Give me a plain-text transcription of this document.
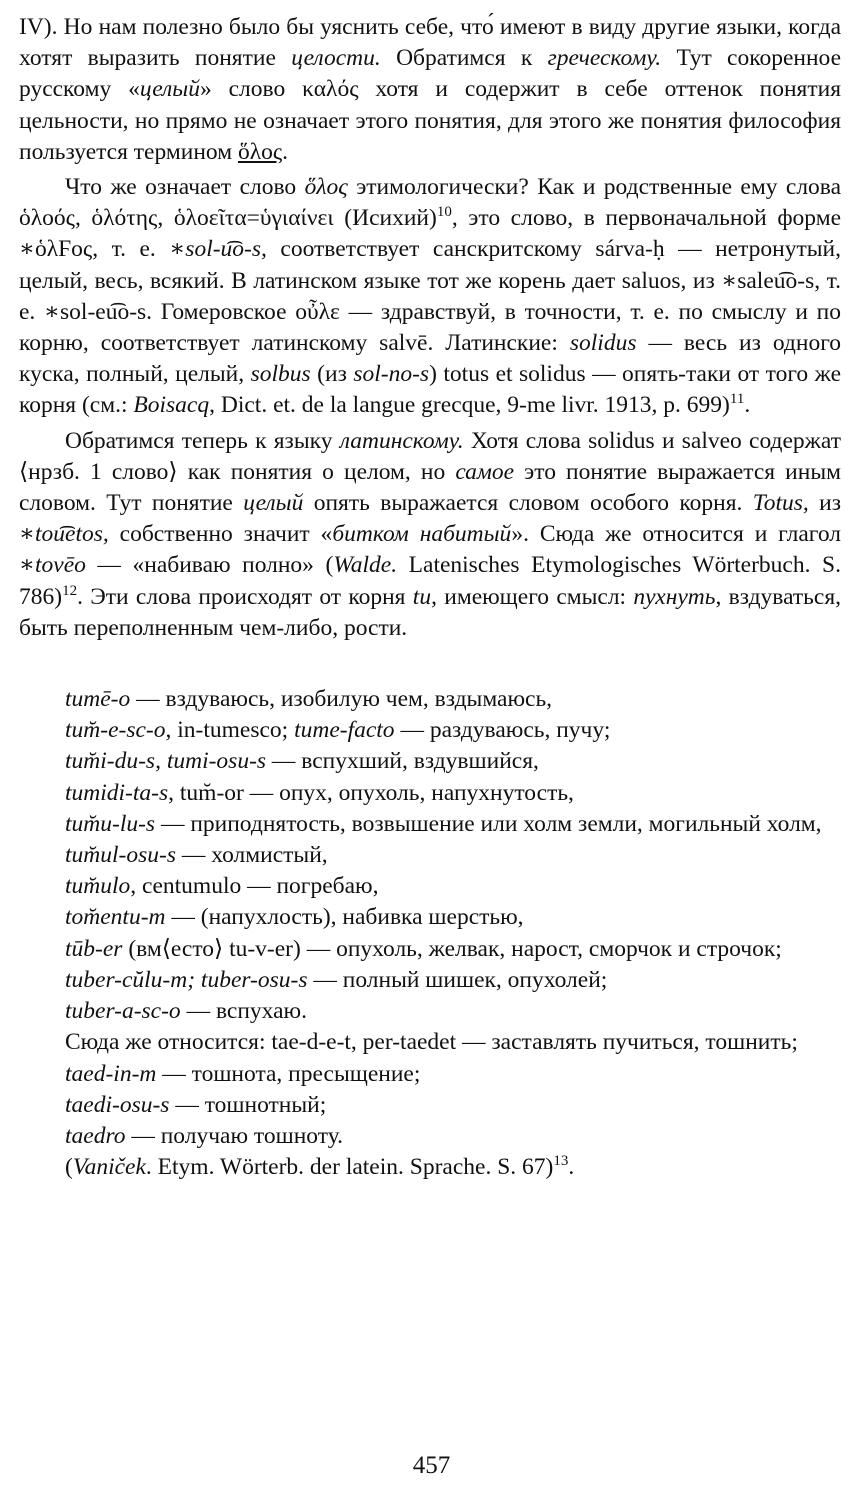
IV). Но нам полезно было бы уяснить себе, что́ имеют в виду другие языки, когда хотят выразить понятие целости. Обратимся к греческому. Тут сокоренное русскому «целый» слово καλός хотя и содержит в себе оттенок понятия цельности, но прямо не означает этого понятия, для этого же понятия философия пользуется термином ὅλος.

Что же означает слово ὅλος этимологически? Как и родственные ему слова ὁλοός, ὁλότης, ὁλοεῖτα=ὑγιαίνει (Исихий)$^{10}$, это слово, в первоначальной форме ∗ὁλϜος, т. е. ∗sol-u͡o-s, соответствует санскритскому sárva-ḥ — нетронутый, целый, весь, всякий. В латинском языке тот же корень дает saluos, из ∗saleu͡o-s, т. е. ∗sol-eu͡o-s. Гомеровское οὖλε — здравствуй, в точности, т. е. по смыслу и по корню, соответствует латинскому salvē. Латинские: solidus — весь из одного куска, полный, целый, solbus (из sol-no-s) totus et solidus — опять-таки от того же корня (см.: Boisacq, Dict. et. de la langue grecque, 9-me livr. 1913, p. 699)$^{11}$.

Обратимся теперь к языку латинскому. Хотя слова solidus и salveo содержат ⟨нрзб. 1 слово⟩ как понятия о целом, но самое это понятие выражается иным словом. Тут понятие целый опять выражается словом особого корня. Totus, из ∗tou͡etos, собственно значит «битком набитый». Сюда же относится и глагол ∗tovēo — «набиваю полно» (Walde. Latenisches Etymologisches Wörterbuch. S. 786)$^{12}$. Эти слова происходят от корня tu, имеющего смысл: пухнуть, вздуваться, быть переполненным чем-либо, рости.

tumē-o — вздуваюсь, изобилую чем, вздымаюсь,

tum̆-e-sc-o, in-tumesco; tume-facto — раздуваюсь, пучу;

tum̆i-du-s, tumi-osu-s — вспухший, вздувшийся,

tumidi-ta-s, tum̆-or — опух, опухоль, напухнутость,

tum̆u-lu-s — приподнятость, возвышение или холм земли, могильный холм,

tum̆ul-osu-s — холмистый,

tum̆ulo, centumulo — погребаю,

tom̆entu-m — (напухлость), набивка шерстью,

tūb-er (вм⟨есто⟩ tu-v-er) — опухоль, желвак, нарост, сморчок и строчок;

tuber-cŭlu-m; tuber-osu-s — полный шишек, опухолей;

tuber-a-sc-o — вспухаю.

Сюда же относится: tae-d-e-t, per-taedet — заставлять пучиться, тошнить;

taed-in-m — тошнота, пресыщение;

taedi-osu-s — тошнотный;

taedro — получаю тошноту.

(Vaniček. Etym. Wörterb. der latein. Sprache. S. 67)$^{13}$.

457
